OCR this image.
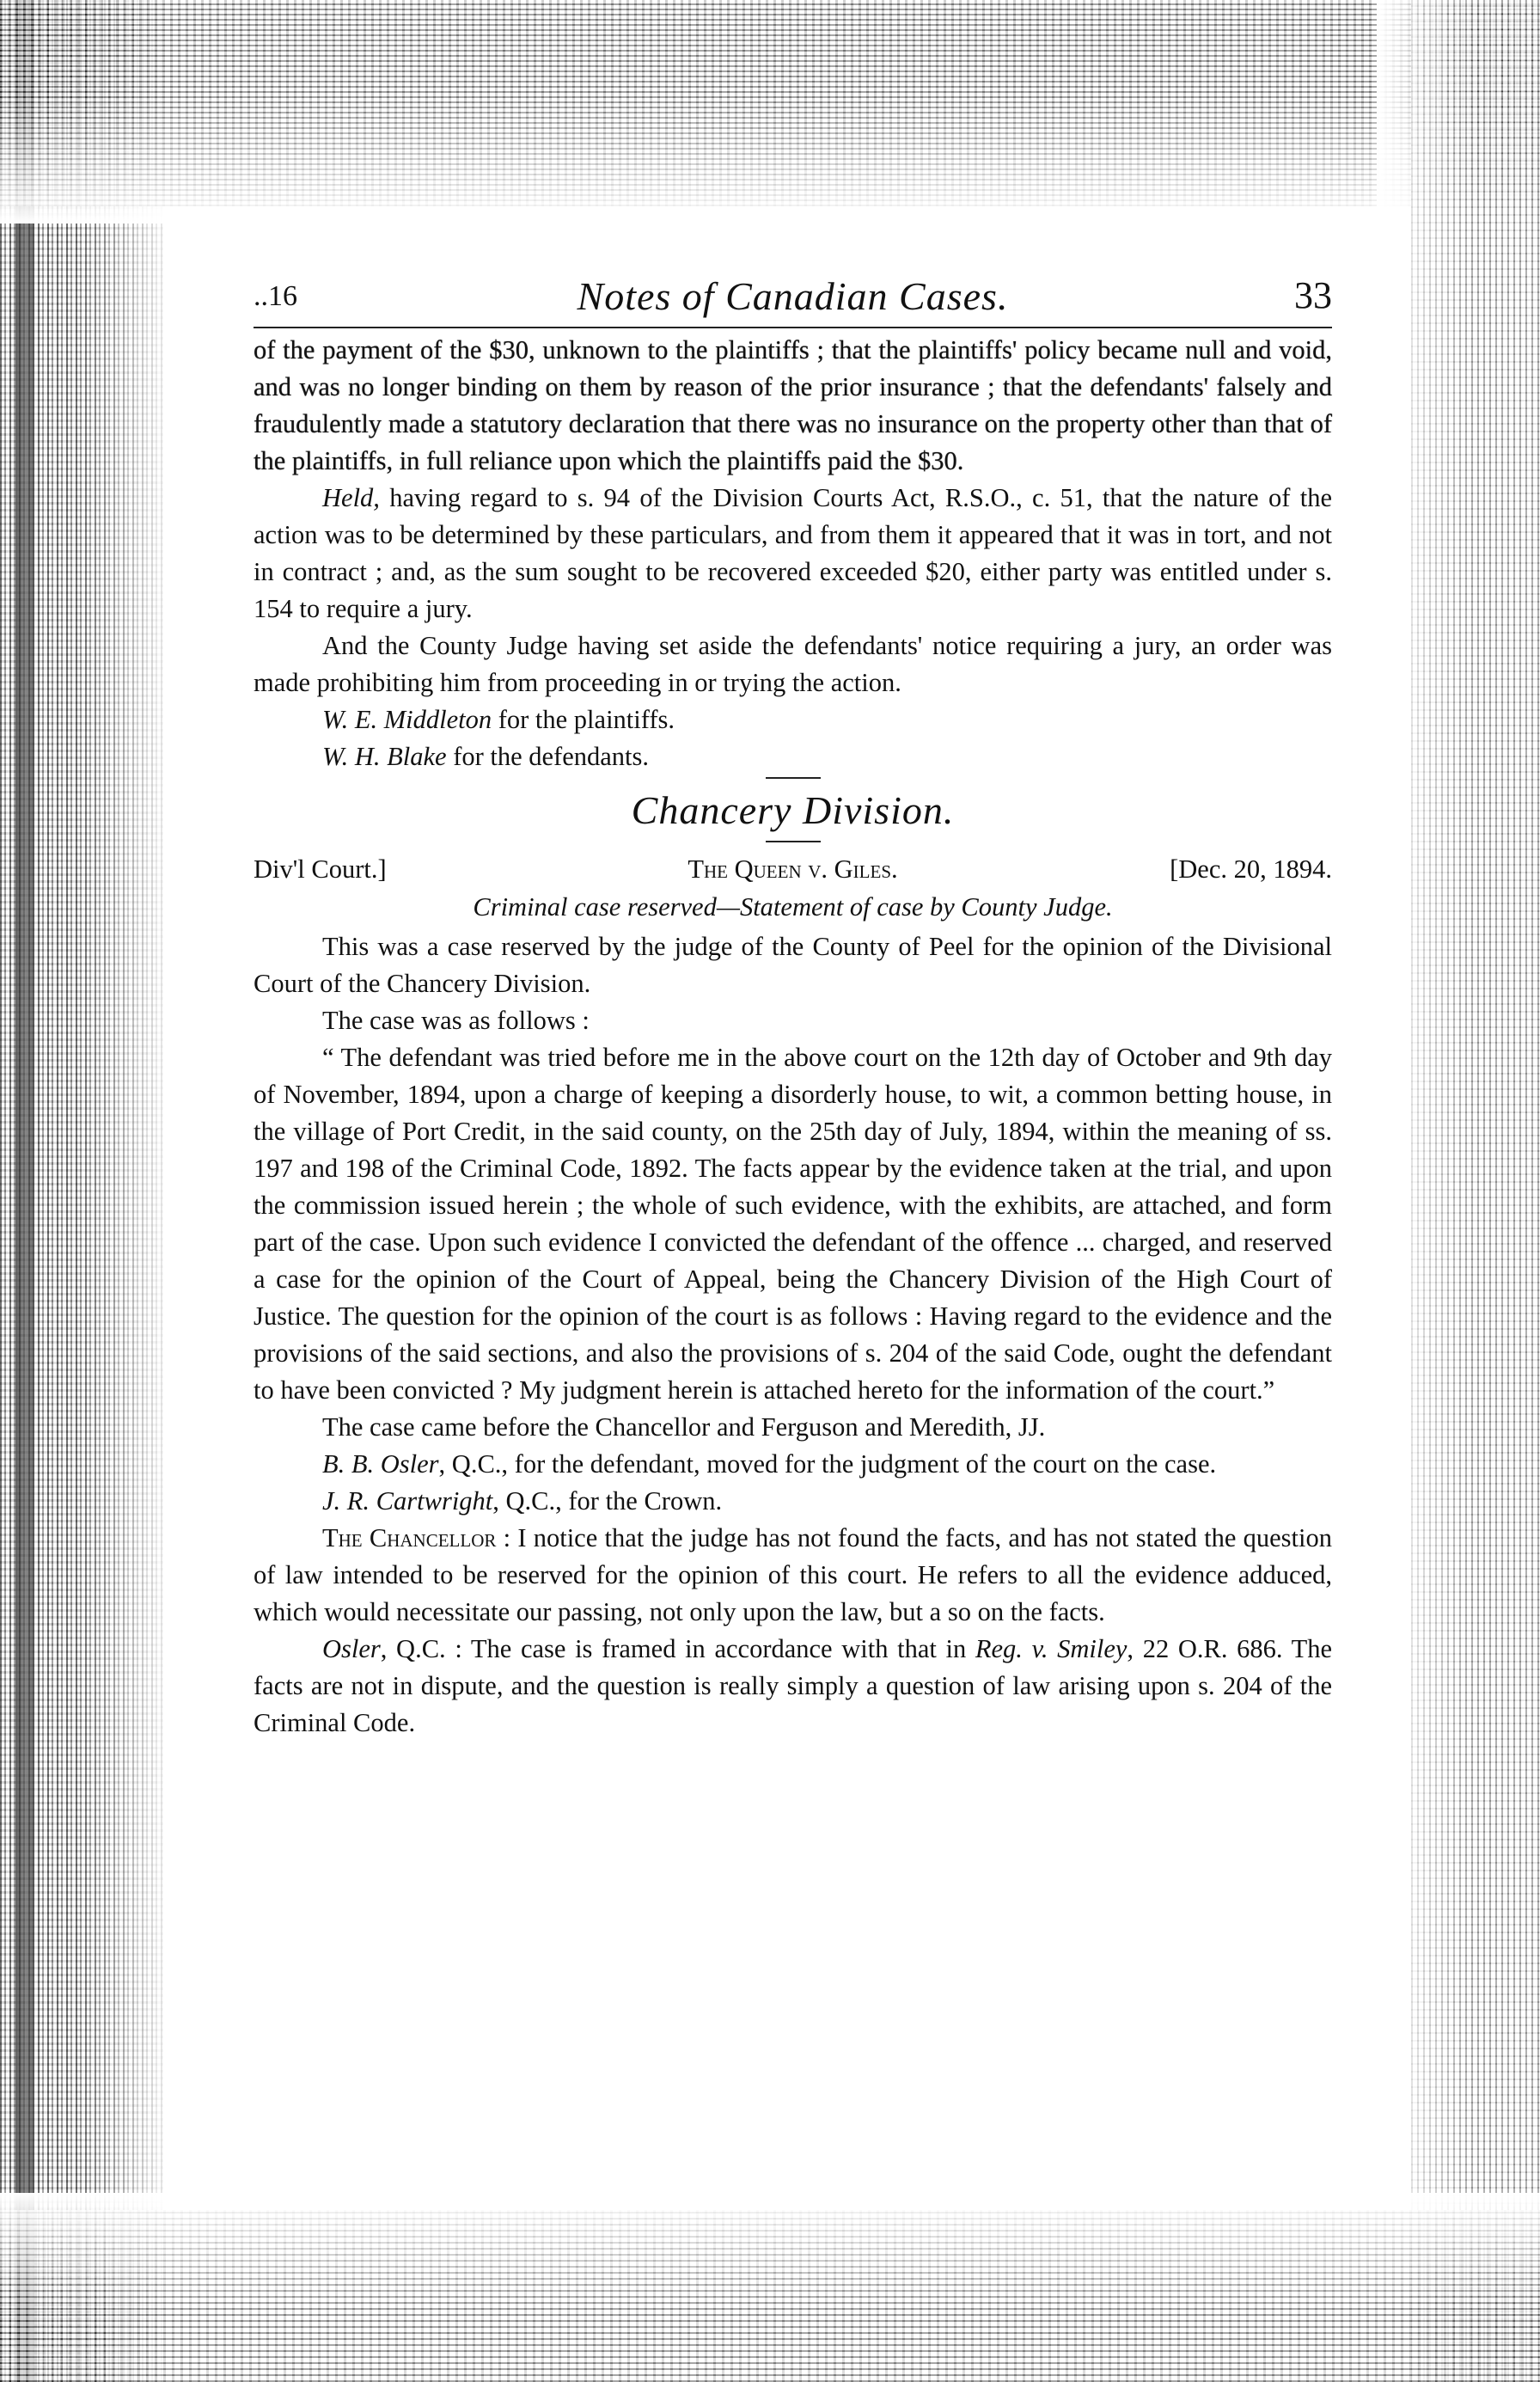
..16	Notes of Canadian Cases.	33

of the payment of the $30, unknown to the plaintiffs ; that the plaintiffs' policy became null and void, and was no longer binding on them by reason of the prior insurance ; that the defendants' falsely and fraudulently made a statutory declaration that there was no insurance on the property other than that of the plaintiffs, in full reliance upon which the plaintiffs paid the $30.

Held, having regard to s. 94 of the Division Courts Act, R.S.O., c. 51, that the nature of the action was to be determined by these particulars, and from them it appeared that it was in tort, and not in contract ; and, as the sum sought to be recovered exceeded $20, either party was entitled under s. 154 to require a jury.

And the County Judge having set aside the defendants' notice requiring a jury, an order was made prohibiting him from proceeding in or trying the action.

W. E. Middleton for the plaintiffs.

W. H. Blake for the defendants.

Chancery Division.
Div'l Court.]	The Queen v. Giles.	[Dec. 20, 1894.
Criminal case reserved—Statement of case by County Judge.

This was a case reserved by the judge of the County of Peel for the opinion of the Divisional Court of the Chancery Division.

The case was as follows :

“ The defendant was tried before me in the above court on the 12th day of October and 9th day of November, 1894, upon a charge of keeping a disorderly house, to wit, a common betting house, in the village of Port Credit, in the said county, on the 25th day of July, 1894, within the meaning of ss. 197 and 198 of the Criminal Code, 1892. The facts appear by the evidence taken at the trial, and upon the commission issued herein ; the whole of such evidence, with the exhibits, are attached, and form part of the case. Upon such evidence I convicted the defendant of the offence ... charged, and reserved a case for the opinion of the Court of Appeal, being the Chancery Division of the High Court of Justice. The question for the opinion of the court is as follows : Having regard to the evidence and the provisions of the said sections, and also the provisions of s. 204 of the said Code, ought the defendant to have been convicted ? My judgment herein is attached hereto for the information of the court.”

The case came before the Chancellor and Ferguson and Meredith, JJ.

B. B. Osler, Q.C., for the defendant, moved for the judgment of the court on the case.

J. R. Cartwright, Q.C., for the Crown.

The Chancellor : I notice that the judge has not found the facts, and has not stated the question of law intended to be reserved for the opinion of this court. He refers to all the evidence adduced, which would necessitate our passing, not only upon the law, but a so on the facts.

Osler, Q.C. : The case is framed in accordance with that in Reg. v. Smiley, 22 O.R. 686. The facts are not in dispute, and the question is really simply a question of law arising upon s. 204 of the Criminal Code.
